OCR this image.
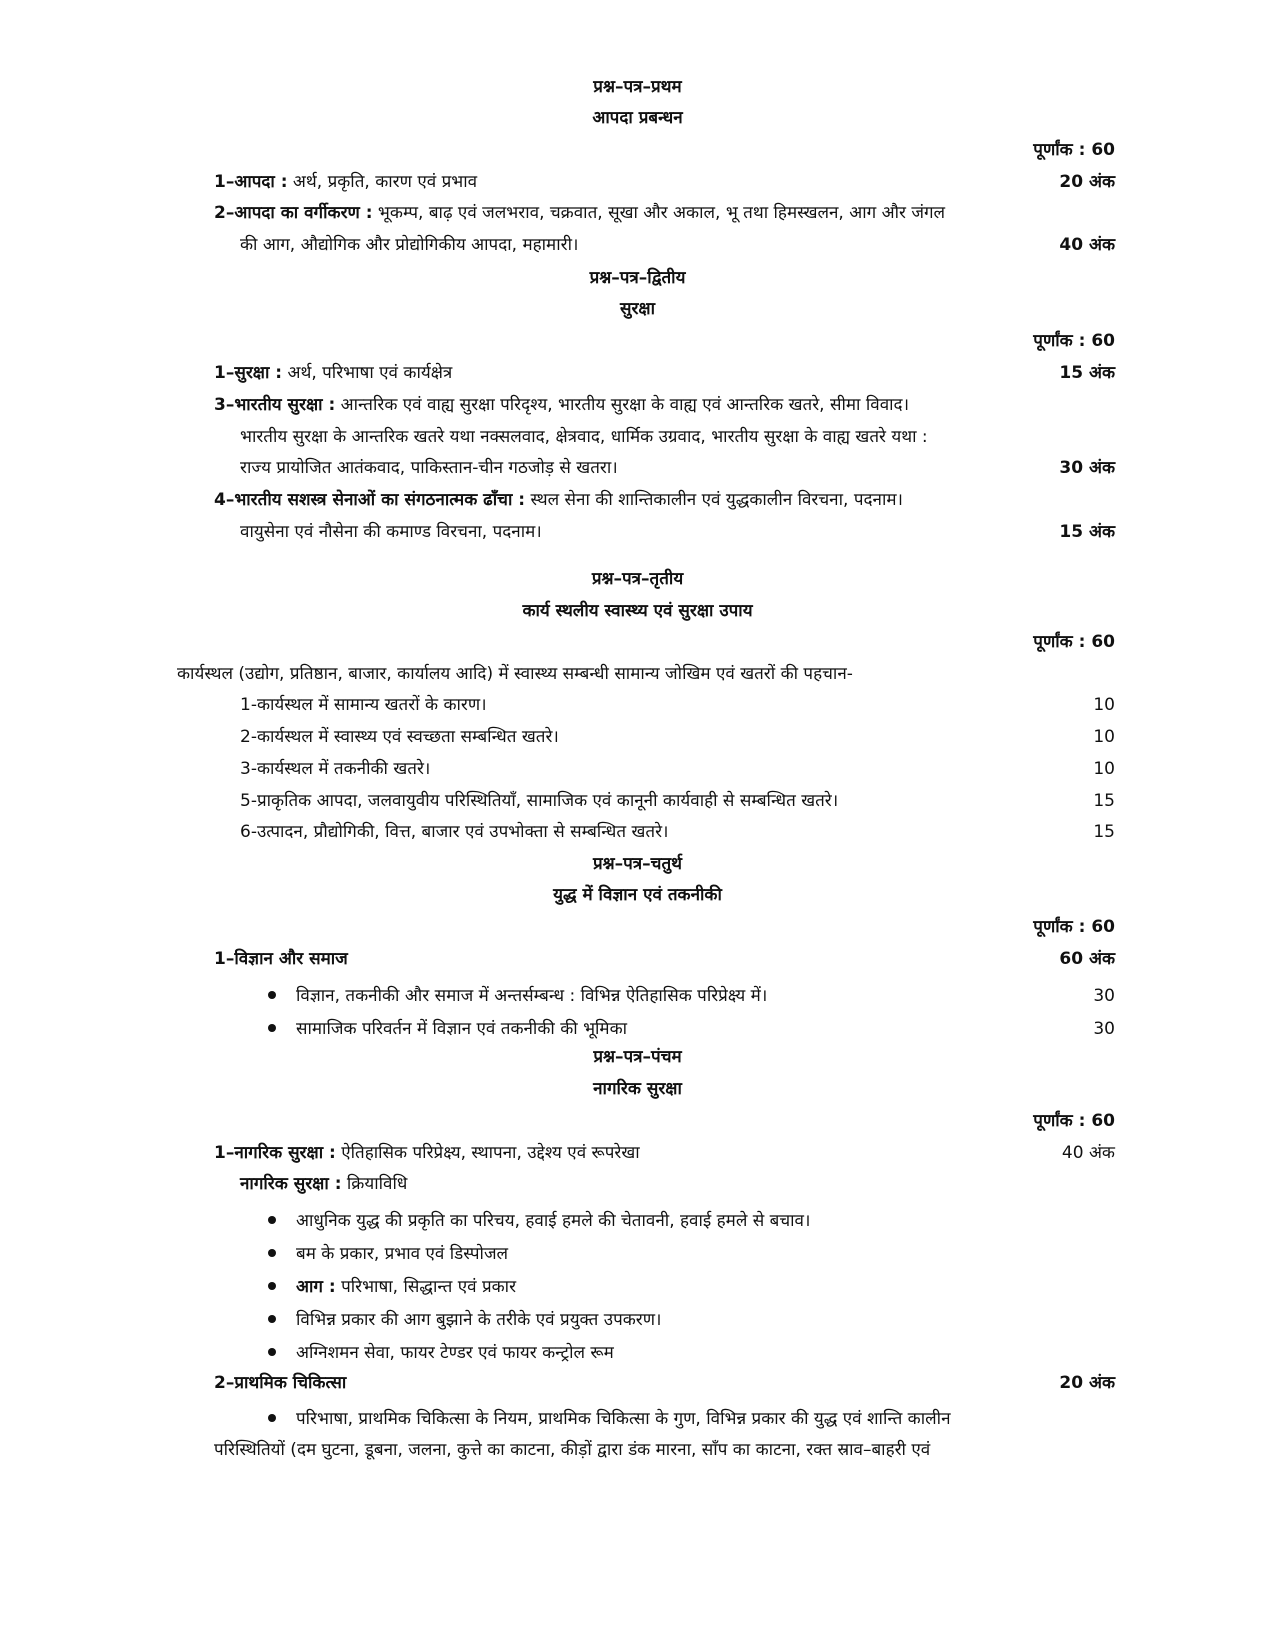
प्रश्न–पत्र–प्रथम
आपदा प्रबन्धन
पूर्णांक : 60
1–आपदा : अर्थ, प्रकृति, कारण एवं प्रभाव	20 अंक
2–आपदा का वर्गीकरण : भूकम्प, बाढ़ एवं जलभराव, चक्रवात, सूखा और अकाल, भू तथा हिमस्खलन, आग और जंगल
की आग, औद्योगिक और प्रोद्योगिकीय आपदा, महामारी।	40 अंक
प्रश्न–पत्र–द्वितीय
सुरक्षा
पूर्णांक : 60
1–सुरक्षा : अर्थ, परिभाषा एवं कार्यक्षेत्र	15 अंक
3–भारतीय सुरक्षा : आन्तरिक एवं वाह्य सुरक्षा परिदृश्य, भारतीय सुरक्षा के वाह्य एवं आन्तरिक खतरे, सीमा विवाद।
भारतीय सुरक्षा के आन्तरिक खतरे यथा नक्सलवाद, क्षेत्रवाद, धार्मिक उग्रवाद, भारतीय सुरक्षा के वाह्य खतरे यथा :
राज्य प्रायोजित आतंकवाद, पाकिस्तान-चीन गठजोड़ से खतरा।	30 अंक
4–भारतीय सशस्त्र सेनाओं का संगठनात्मक ढाँचा : स्थल सेना की शान्तिकालीन एवं युद्धकालीन विरचना, पदनाम।
वायुसेना एवं नौसेना की कमाण्ड विरचना, पदनाम।	15 अंक
प्रश्न–पत्र–तृतीय
कार्य स्थलीय स्वास्थ्य एवं सुरक्षा उपाय
पूर्णांक : 60
कार्यस्थल (उद्योग, प्रतिष्ठान, बाजार, कार्यालय आदि) में स्वास्थ्य सम्बन्धी सामान्य जोखिम एवं खतरों की पहचान-
1-कार्यस्थल में सामान्य खतरों के कारण।	10
2-कार्यस्थल में स्वास्थ्य एवं स्वच्छता सम्बन्धित खतरे।	10
3-कार्यस्थल में तकनीकी खतरे।	10
5-प्राकृतिक आपदा, जलवायुवीय परिस्थितियाँ, सामाजिक एवं कानूनी कार्यवाही से सम्बन्धित खतरे।	15
6-उत्पादन, प्रौद्योगिकी, वित्त, बाजार एवं उपभोक्ता से सम्बन्धित खतरे।	15
प्रश्न–पत्र–चतुर्थ
युद्ध में विज्ञान एवं तकनीकी
पूर्णांक : 60
1–विज्ञान और समाज	60 अंक
विज्ञान, तकनीकी और समाज में अन्तर्सम्बन्ध : विभिन्न ऐतिहासिक परिप्रेक्ष्य में।	30
सामाजिक परिवर्तन में विज्ञान एवं तकनीकी की भूमिका	30
प्रश्न–पत्र–पंचम
नागरिक सुरक्षा
पूर्णांक : 60
1–नागरिक सुरक्षा : ऐतिहासिक परिप्रेक्ष्य, स्थापना, उद्देश्य एवं रूपरेखा	40 अंक
नागरिक सुरक्षा : क्रियाविधि
आधुनिक युद्ध की प्रकृति का परिचय, हवाई हमले की चेतावनी, हवाई हमले से बचाव।
बम के प्रकार, प्रभाव एवं डिस्पोजल
आग : परिभाषा, सिद्धान्त एवं प्रकार
विभिन्न प्रकार की आग बुझाने के तरीके एवं प्रयुक्त उपकरण।
अग्निशमन सेवा, फायर टेण्डर एवं फायर कन्ट्रोल रूम
2–प्राथमिक चिकित्सा	20 अंक
परिभाषा, प्राथमिक चिकित्सा के नियम, प्राथमिक चिकित्सा के गुण, विभिन्न प्रकार की युद्ध एवं शान्ति कालीन
परिस्थितियों (दम घुटना, डूबना, जलना, कुत्ते का काटना, कीड़ों द्वारा डंक मारना, साँप का काटना, रक्त स्राव–बाहरी एवं
